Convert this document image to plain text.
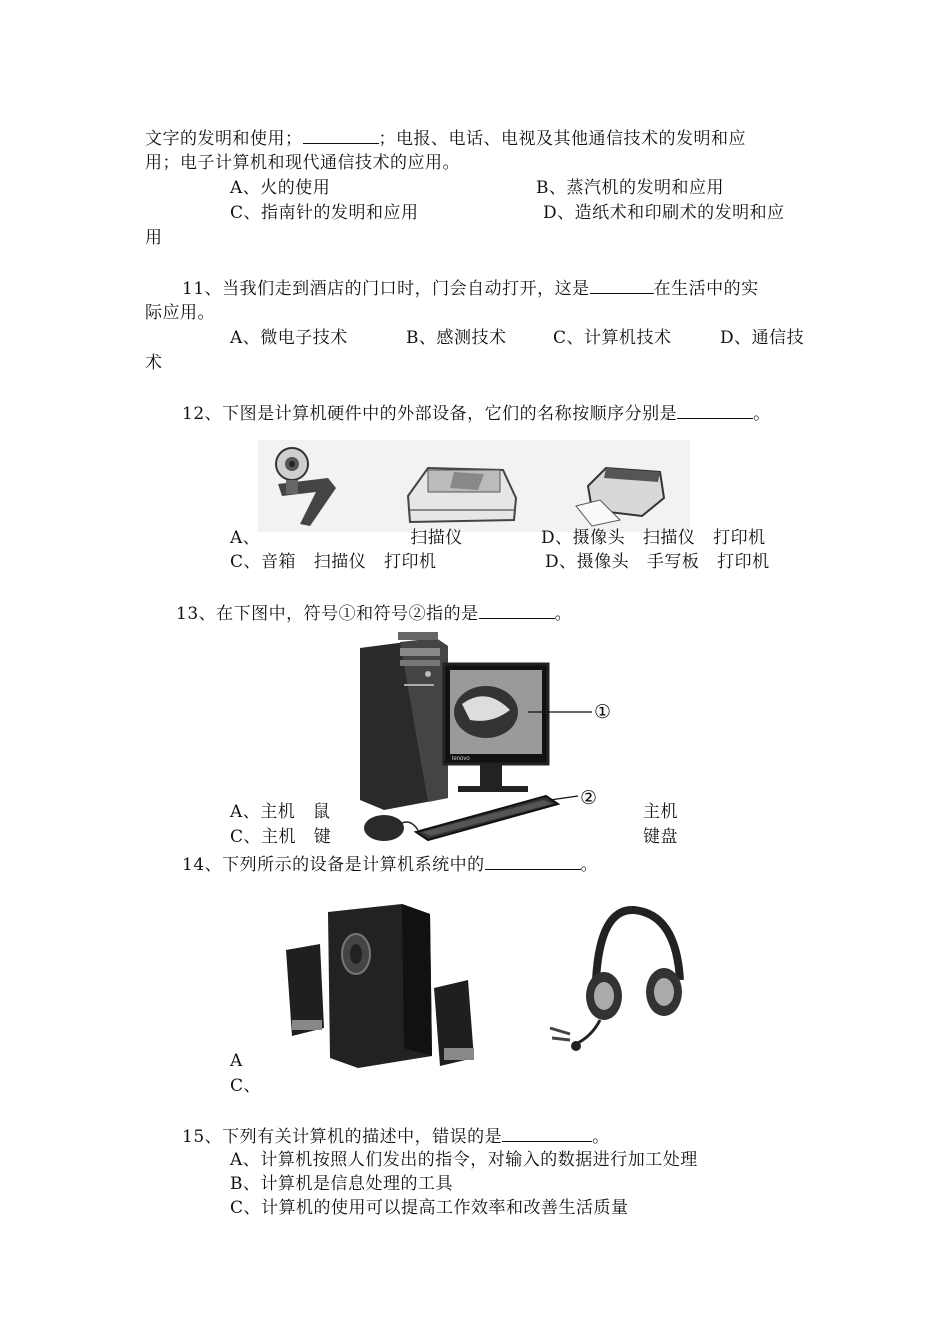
文字的发明和使用；	；电报、电话、电视及其他通信技术的发明和应
用；电子计算机和现代通信技术的应用。
A、火的使用	B、蒸汽机的发明和应用
C、指南针的发明和应用	D、造纸术和印刷术的发明和应
用
11、当我们走到酒店的门口时，门会自动打开，这是	在生活中的实
际应用。
A、微电子技术	B、感测技术	C、计算机技术	D、通信技
术
12、下图是计算机硬件中的外部设备，它们的名称按顺序分别是	。
A、	扫描仪	D、摄像头 扫描仪 打印机
C、音箱 扫描仪 打印机	D、摄像头 手写板 打印机
13、在下图中，符号①和符号②指的是	。
lenovo
①
②
A、主机 鼠	主机
C、主机 键	键盘
14、下列所示的设备是计算机系统中的	。
A
C、
15、下列有关计算机的描述中，错误的是	。
A、计算机按照人们发出的指令，对输入的数据进行加工处理
B、计算机是信息处理的工具
C、计算机的使用可以提高工作效率和改善生活质量
